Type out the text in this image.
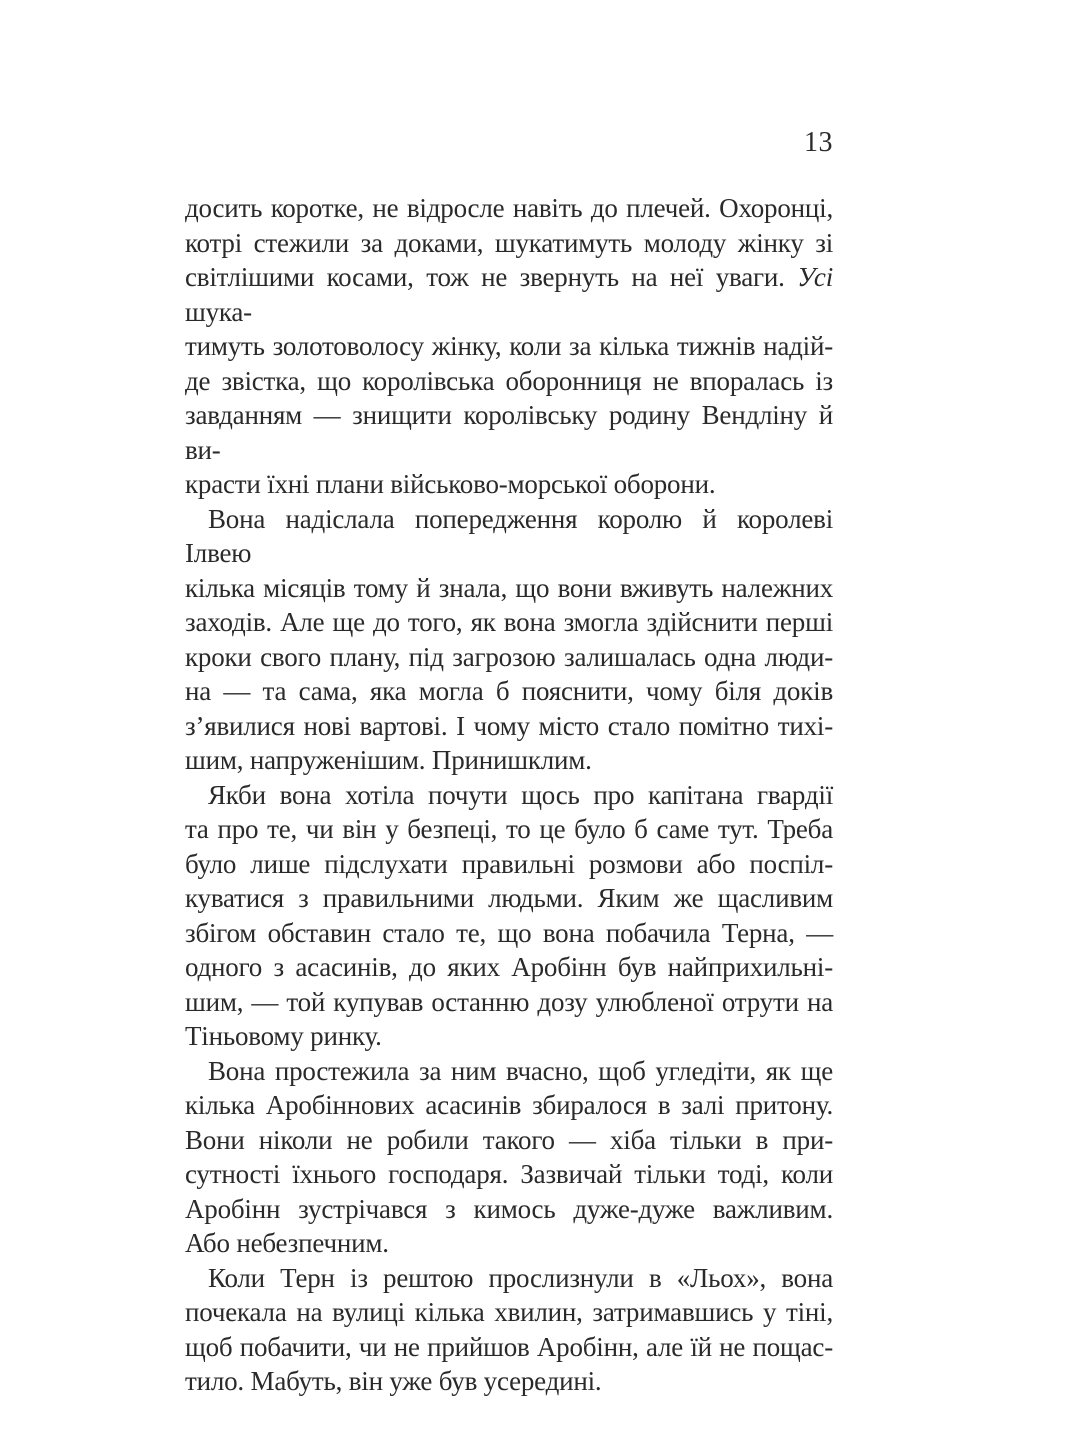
13
досить коротке, не відросле навіть до плечей. Охоронці,
котрі стежили за доками, шукатимуть молоду жінку зі
світлішими косами, тож не звернуть на неї уваги. Усі шука-
тимуть золотоволосу жінку, коли за кілька тижнів надій-
де звістка, що королівська оборонниця не впоралась із
завданням — знищити королівську родину Вендліну й ви-
красти їхні плани військово-морської оборони.
Вона надіслала попередження королю й королеві Ілвею
кілька місяців тому й знала, що вони вживуть належних
заходів. Але ще до того, як вона змогла здійснити перші
кроки свого плану, під загрозою залишалась одна люди-
на — та сама, яка могла б пояснити, чому біля доків
з’явилися нові вартові. І чому місто стало помітно тихі-
шим, напруженішим. Принишклим.
Якби вона хотіла почути щось про капітана гвардії
та про те, чи він у безпеці, то це було б саме тут. Треба
було лише підслухати правильні розмови або поспіл-
куватися з правильними людьми. Яким же щасливим
збігом обставин стало те, що вона побачила Терна, —
одного з асасинів, до яких Аробінн був найприхильні-
шим, — той купував останню дозу улюбленої отрути на
Тіньовому ринку.
Вона простежила за ним вчасно, щоб угледіти, як ще
кілька Аробіннових асасинів збиралося в залі притону.
Вони ніколи не робили такого — хіба тільки в при-
сутності їхнього господаря. Зазвичай тільки тоді, коли
Аробінн зустрічався з кимось дуже-дуже важливим.
Або небезпечним.
Коли Терн із рештою прослизнули в «Льох», вона
почекала на вулиці кілька хвилин, затримавшись у тіні,
щоб побачити, чи не прийшов Аробінн, але їй не пощас-
тило. Мабуть, він уже був усередині.
